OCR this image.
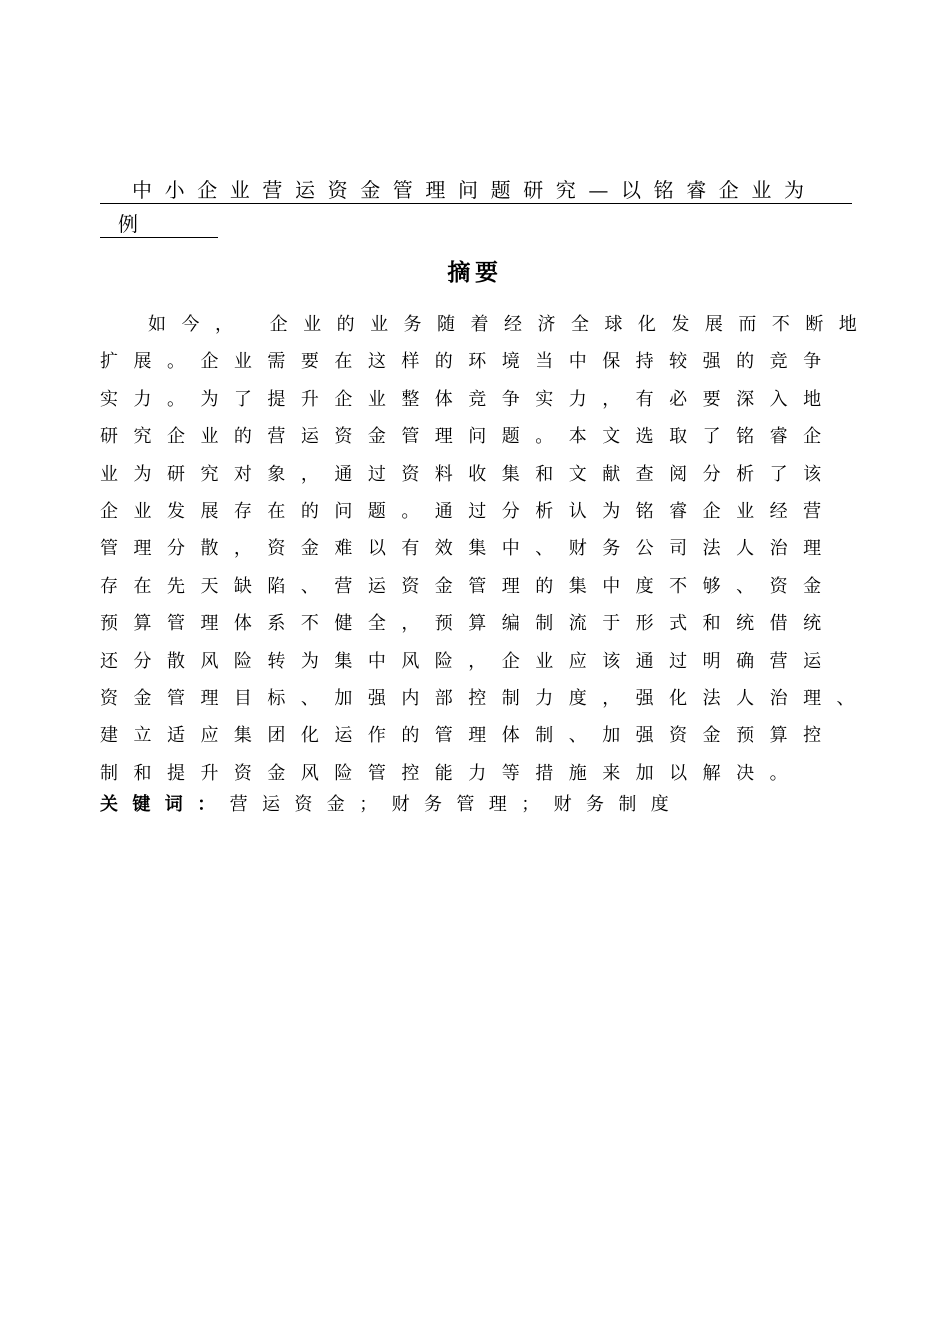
中小企业营运资金管理问题研究—以铭睿企业为
例
摘要
如今， 企业的业务随着经济全球化发展而不断地
扩展。企业需要在这样的环境当中保持较强的竞争
实力。为了提升企业整体竞争实力，有必要深入地
研究企业的营运资金管理问题。本文选取了铭睿企
业为研究对象，通过资料收集和文献查阅分析了该
企业发展存在的问题。通过分析认为铭睿企业经营
管理分散，资金难以有效集中、财务公司法人治理
存在先天缺陷、营运资金管理的集中度不够、资金
预算管理体系不健全，预算编制流于形式和统借统
还分散风险转为集中风险，企业应该通过明确营运
资金管理目标、加强内部控制力度，强化法人治理、
建立适应集团化运作的管理体制、加强资金预算控
制和提升资金风险管控能力等措施来加以解决。
关键词：营运资金；财务管理；财务制度
